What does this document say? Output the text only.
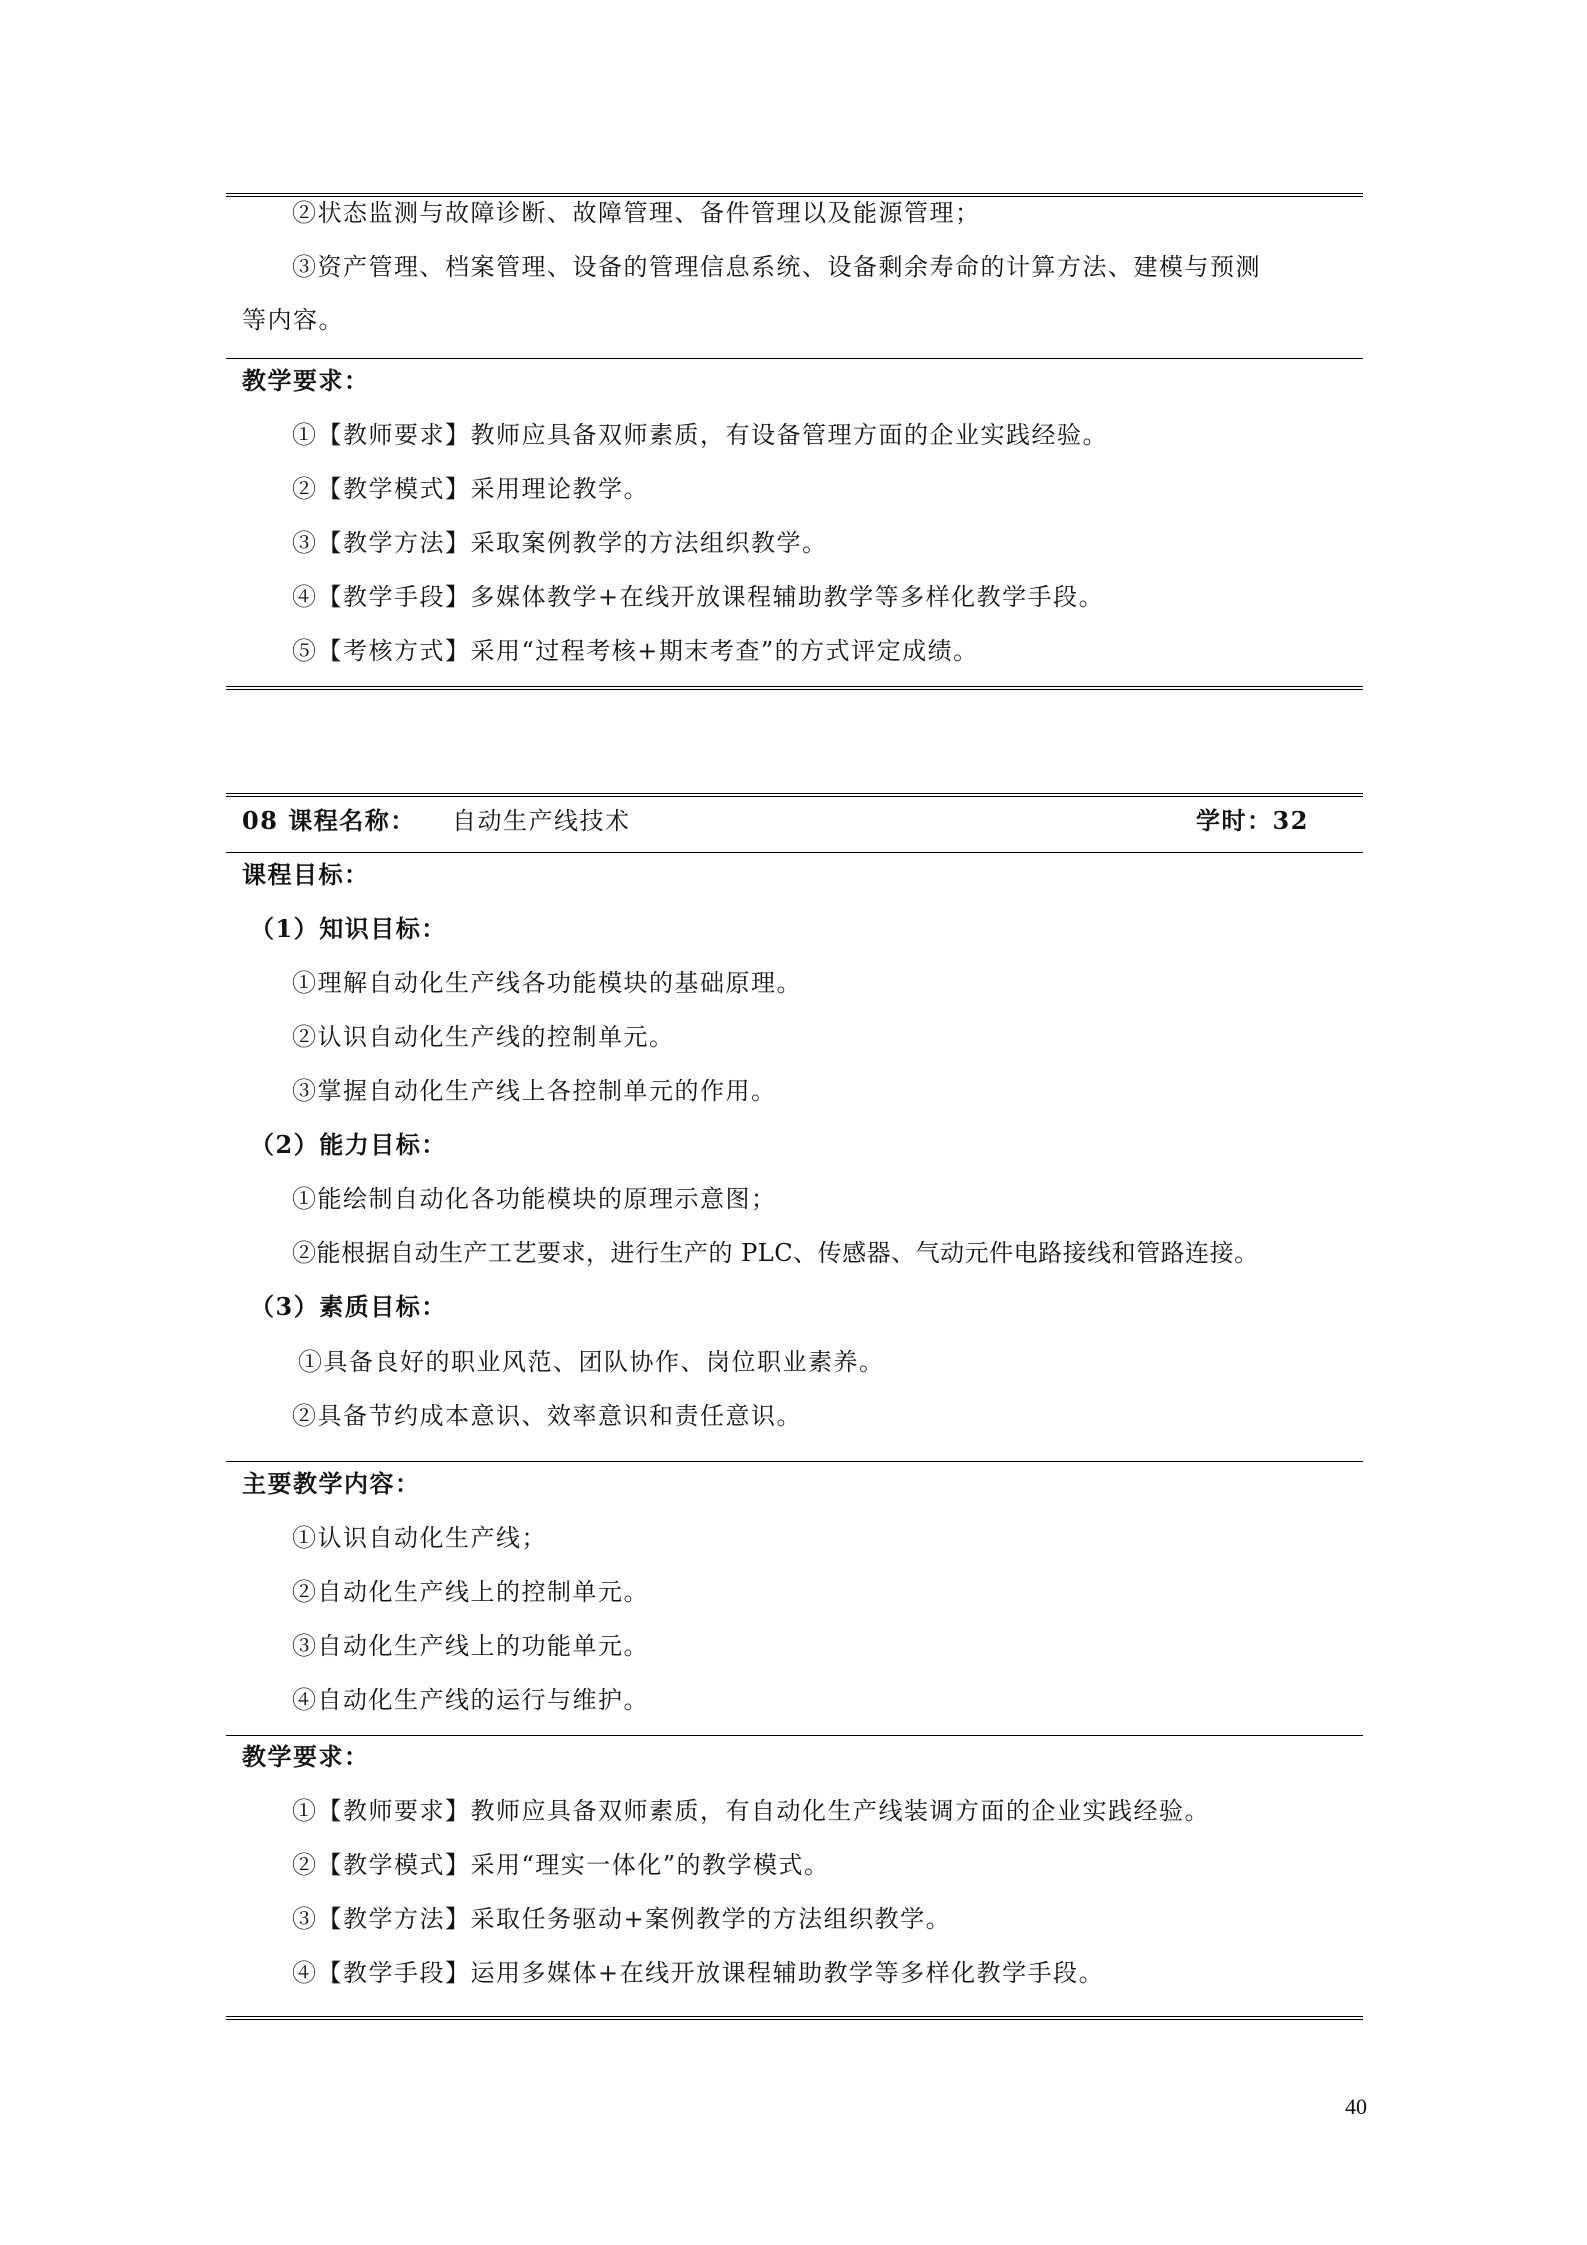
②状态监测与故障诊断、故障管理、备件管理以及能源管理；
③资产管理、档案管理、设备的管理信息系统、设备剩余寿命的计算方法、建模与预测
等内容。
教学要求：
①【教师要求】教师应具备双师素质，有设备管理方面的企业实践经验。
②【教学模式】采用理论教学。
③【教学方法】采取案例教学的方法组织教学。
④【教学手段】多媒体教学+在线开放课程辅助教学等多样化教学手段。
⑤【考核方式】采用“过程考核+期末考查”的方式评定成绩。
08 课程名称： 自动生产线技术	学时：32
课程目标：
（1）知识目标：
①理解自动化生产线各功能模块的基础原理。
②认识自动化生产线的控制单元。
③掌握自动化生产线上各控制单元的作用。
（2）能力目标：
①能绘制自动化各功能模块的原理示意图；
②能根据自动生产工艺要求，进行生产的 PLC、传感器、气动元件电路接线和管路连接。
（3）素质目标：
①具备良好的职业风范、团队协作、岗位职业素养。
②具备节约成本意识、效率意识和责任意识。
主要教学内容：
①认识自动化生产线；
②自动化生产线上的控制单元。
③自动化生产线上的功能单元。
④自动化生产线的运行与维护。
教学要求：
①【教师要求】教师应具备双师素质，有自动化生产线装调方面的企业实践经验。
②【教学模式】采用“理实一体化”的教学模式。
③【教学方法】采取任务驱动+案例教学的方法组织教学。
④【教学手段】运用多媒体+在线开放课程辅助教学等多样化教学手段。
40
